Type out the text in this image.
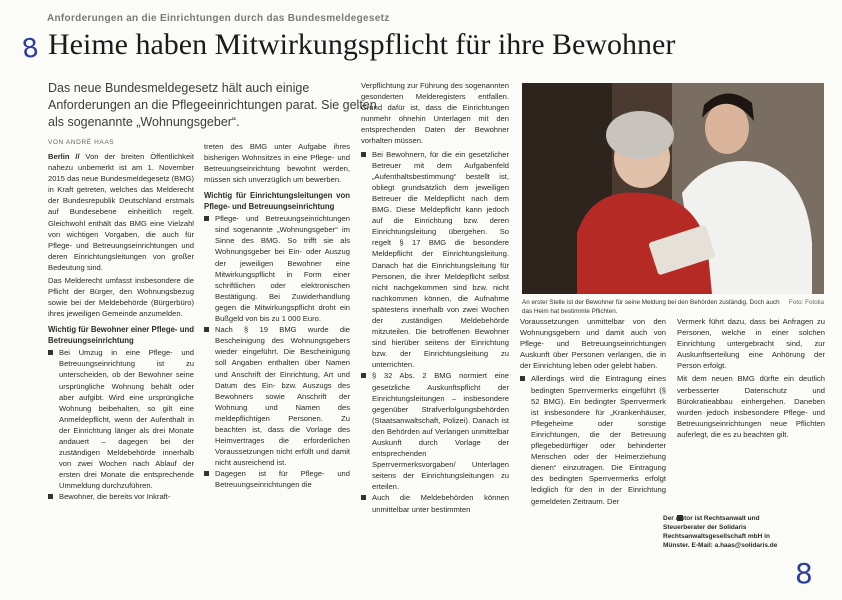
Anforderungen an die Einrichtungen durch das Bundesmeldegesetz
8 Heime haben Mitwirkungspflicht für ihre Bewohner
Das neue Bundesmeldegesetz hält auch einige Anforderungen an die Pflegeeinrichtungen parat. Sie gelten als sogenannte „Wohnungsgeber“.
VON ANDRÉ HAAS

Berlin // Von der breiten Öffentlichkeit nahezu unbemerkt ist am 1. November 2015 das neue Bundesmeldegesetz (BMG) in Kraft getreten, welches das Melderecht der Bundesrepublik Deutschland erstmals auf Bundesebene einheitlich regelt. Gleichwohl enthält das BMG eine Vielzahl von wichtigen Vorgaben, die auch für Pflege- und Betreuungseinrichtungen und deren Einrichtungsleitungen von großer Bedeutung sind.

Das Melderecht umfasst insbesondere die Pflicht der Bürger, den Wohnungsbezug sowie bei der Meldebehörde (Bürgerbüro) ihres jeweiligen Gemeinde anzumelden.

Wichtig für Bewohner einer Pflege- und Betreuungseinrichtung
Bei Umzug in eine Pflege- und Betreuungseinrichtung ist zu unterscheiden, ob der Bewohner seine ursprüngliche Wohnung behält oder aber aufgibt. Wird eine ursprüngliche Wohnung beibehalten, so gilt eine Anmeldepflicht, wenn der Aufenthalt in der Einrichtung länger als drei Monate andauert – dagegen bei der zuständigen Meldebehörde innerhalb von zwei Wochen nach Ablauf der ersten drei Monate die entsprechende Ummeldung durchzuführen.
Bewohner, die bereits vor Inkraft-

treten des BMG unter Aufgabe ihres bisherigen Wohnsitzes in eine Pflege- und Betreuungseinrichtung bewohnt werden, müssen sich unverzüglich um bewerben.

Wichtig für Einrichtungsleitungen von Pflege- und Betreuungseinrichtung
Pflege- und Betreuungseinrichtungen sind sogenannte „Wohnungsgeber“ im Sinne des BMG. So trifft sie als Wohnungsgeber bei Ein- oder Auszug der jeweiligen Bewohner eine Mitwirkungspflicht in Form einer schriftlichen oder elektronischen Bestätigung. Bei Zuwiderhandlung gegen die Mitwirkungspflicht droht ein Bußgeld von bis zu 1 000 Euro.
Nach § 19 BMG wurde die Bescheinigung des Wohnungsgebers wieder eingeführt. Die Bescheinigung soll Angaben enthalten über Namen und Anschrift der Einrichtung, Art und Datum des Ein- bzw. Auszugs des Bewohners sowie Anschrift der Wohnung und Namen des meldepflichtigen Personen. Zu beachten ist, dass die Vorlage des Heimvertrages die erforderlichen Voraussetzungen nicht erfüllt und damit nicht ausreichend ist.
Dagegen ist für Pflege- und Betreuungseinrichtungen die

Verpflichtung zur Führung des sogenannten gesonderten Melderegisters entfallen. Grund dafür ist, dass die Einrichtungen nunmehr ohnehin Unterlagen mit den entsprechenden Daten der Bewohner vorhalten müssen.

Bei Bewohnern, für die ein gesetzlicher Betreuer mit dem Aufgabenfeld „Aufenthaltsbestimmung“ bestellt ist, obliegt grundsätzlich dem jeweiligen Betreuer die Meldepflicht nach dem BMG. Diese Meldepflicht kann jedoch auf die Einrichtung bzw. deren Einrichtungsleitung übergehen. So regelt § 17 BMG die besondere Meldepflicht der Einrichtungsleitung. Danach hat die Einrichtungsleitung für Personen, die ihrer Meldepflicht selbst nicht nachgekommen sind bzw. nicht nachkommen können, die Aufnahme spätestens innerhalb von zwei Wochen der zuständigen Meldebehörde mitzuteilen. Die betroffenen Bewohner sind hierüber seitens der Einrichtung bzw. der Einrichtungsleitung zu unterrichten.
§ 32 Abs. 2 BMG normiert eine gesetzliche Auskunftspflicht der Einrichtungsleitungen – insbesondere gegenüber Strafverfolgungsbehörden (Staatsanwaltschaft, Polizei). Danach ist den Behörden auf Verlangen unmittelbar Auskunft durch Vorlage der entsprechenden Sperrvermerksvorgaben/ Unterlagen seitens der Einrichtungsleitungen zu erteilen.
Auch die Meldebehörden können unmittelbar unter bestimmten
Foto: Fotolia
An erster Stelle ist der Bewohner für seine Meldung bei den Behörden zuständig. Doch auch das Heim hat bestimmte Pflichten.

Voraussetzungen unmittelbar von den Wohnungsgebern und damit auch von Pflege- und Betreuungseinrichtungen Auskunft über Personen verlangen, die in der Einrichtung leben oder gelebt haben.

Allerdings wird die Eintragung eines bedingten Sperrvermerks eingeführt (§ 52 BMG). Ein bedingter Sperrvermerk ist insbesondere für „Krankenhäuser, Pflegeheime oder sonstige Einrichtungen, die der Betreuung pflegebedürftiger oder behinderter Menschen oder der Heimerziehung dienen“ einzutragen. Die Eintragung des bedingten Sperrvermerks erfolgt lediglich für den in der Einrichtung gemeldeten Zeitraum. Der

Vermerk führt dazu, dass bei Anfragen zu Personen, welche in einer solchen Einrichtung untergebracht sind, zur Auskunftserteilung eine Anhörung der Person erfolgt.

Mit dem neuen BMG dürfte ein deutlich verbesserter Datenschutz und Bürokratieabbau einhergehen. Daneben wurden jedoch insbesondere Pflege- und Betreuungseinrichtungen neue Pflichten auferlegt, die es zu beachten gilt.

Der Autor ist Rechtsanwalt und Steuerberater der Solidaris Rechtsanwaltsgesellschaft mbH in Münster. E-Mail: a.haas@solidaris.de
8
